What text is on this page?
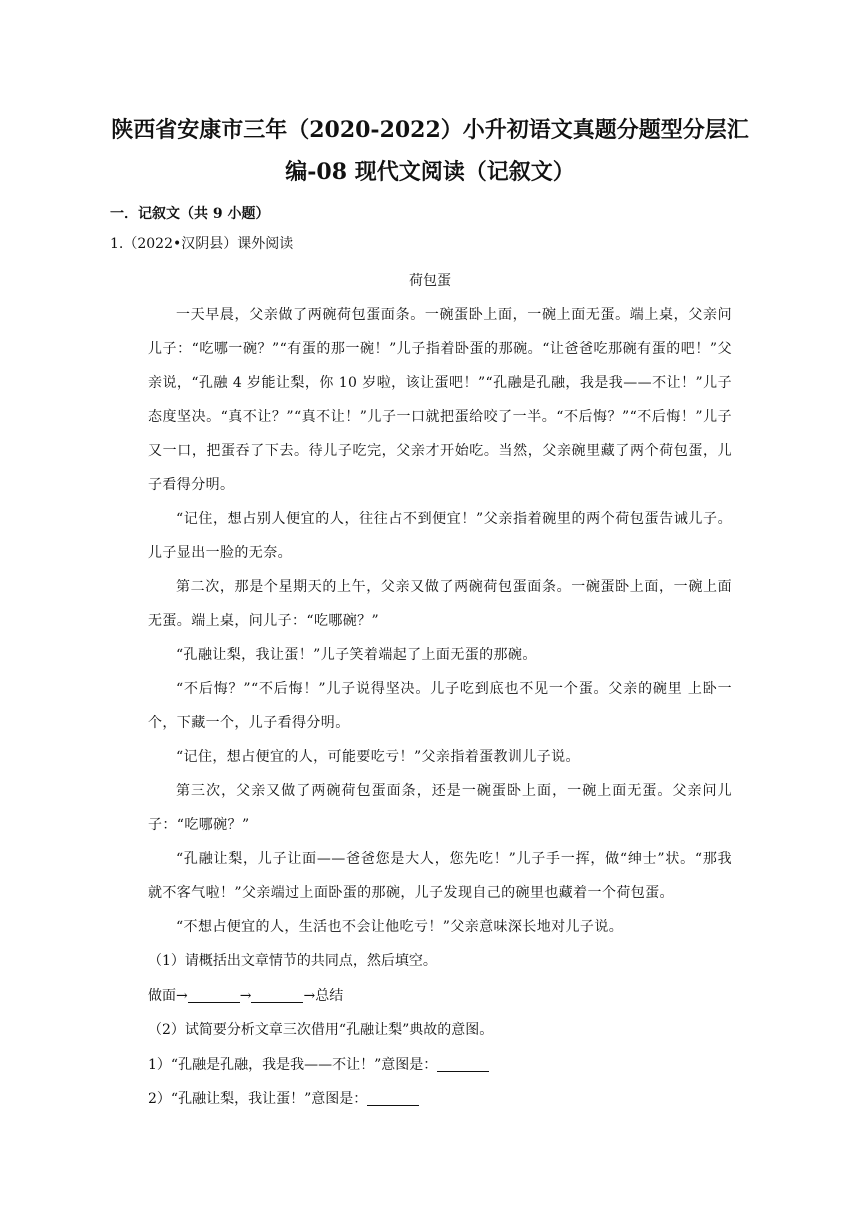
陕西省安康市三年（2020-2022）小升初语文真题分题型分层汇
编-08 现代文阅读（记叙文）
一．记叙文（共 9 小题）
1.（2022•汉阴县）课外阅读
荷包蛋
一天早晨，父亲做了两碗荷包蛋面条。一碗蛋卧上面，一碗上面无蛋。端上桌，父亲问儿子：“吃哪一碗？”“有蛋的那一碗！”儿子指着卧蛋的那碗。“让爸爸吃那碗有蛋的吧！”父亲说，“孔融 4 岁能让梨，你 10 岁啦，该让蛋吧！”“孔融是孔融，我是我——不让！”儿子 态度坚决。“真不让？”“真不让！”儿子一口就把蛋给咬了一半。“不后悔？”“不后悔！”儿子又一口，把蛋吞了下去。待儿子吃完，父亲才开始吃。当然，父亲碗里藏了两个荷包蛋，儿子看得分明。
“记住，想占别人便宜的人，往往占不到便宜！”父亲指着碗里的两个荷包蛋告诫儿子。儿子显出一脸的无奈。
第二次，那是个星期天的上午，父亲又做了两碗荷包蛋面条。一碗蛋卧上面，一碗上面无蛋。端上桌，问儿子：“吃哪碗？”
“孔融让梨，我让蛋！”儿子笑着端起了上面无蛋的那碗。
“不后悔？”“不后悔！”儿子说得坚决。儿子吃到底也不见一个蛋。父亲的碗里 上卧一个，下藏一个，儿子看得分明。
“记住，想占便宜的人，可能要吃亏！”父亲指着蛋教训儿子说。
第三次，父亲又做了两碗荷包蛋面条，还是一碗蛋卧上面，一碗上面无蛋。父亲问儿子：“吃哪碗？”
“孔融让梨，儿子让面——爸爸您是大人，您先吃！”儿子手一挥，做“绅士”状。“那我就不客气啦！”父亲端过上面卧蛋的那碗，儿子发现自己的碗里也藏着一个荷包蛋。
“不想占便宜的人，生活也不会让他吃亏！”父亲意味深长地对儿子说。
（1）请概括出文章情节的共同点，然后填空。
做面→	→	→总结
（2）试简要分析文章三次借用“孔融让梨”典故的意图。
1）“孔融是孔融，我是我——不让！”意图是：
2）“孔融让梨，我让蛋！”意图是：
